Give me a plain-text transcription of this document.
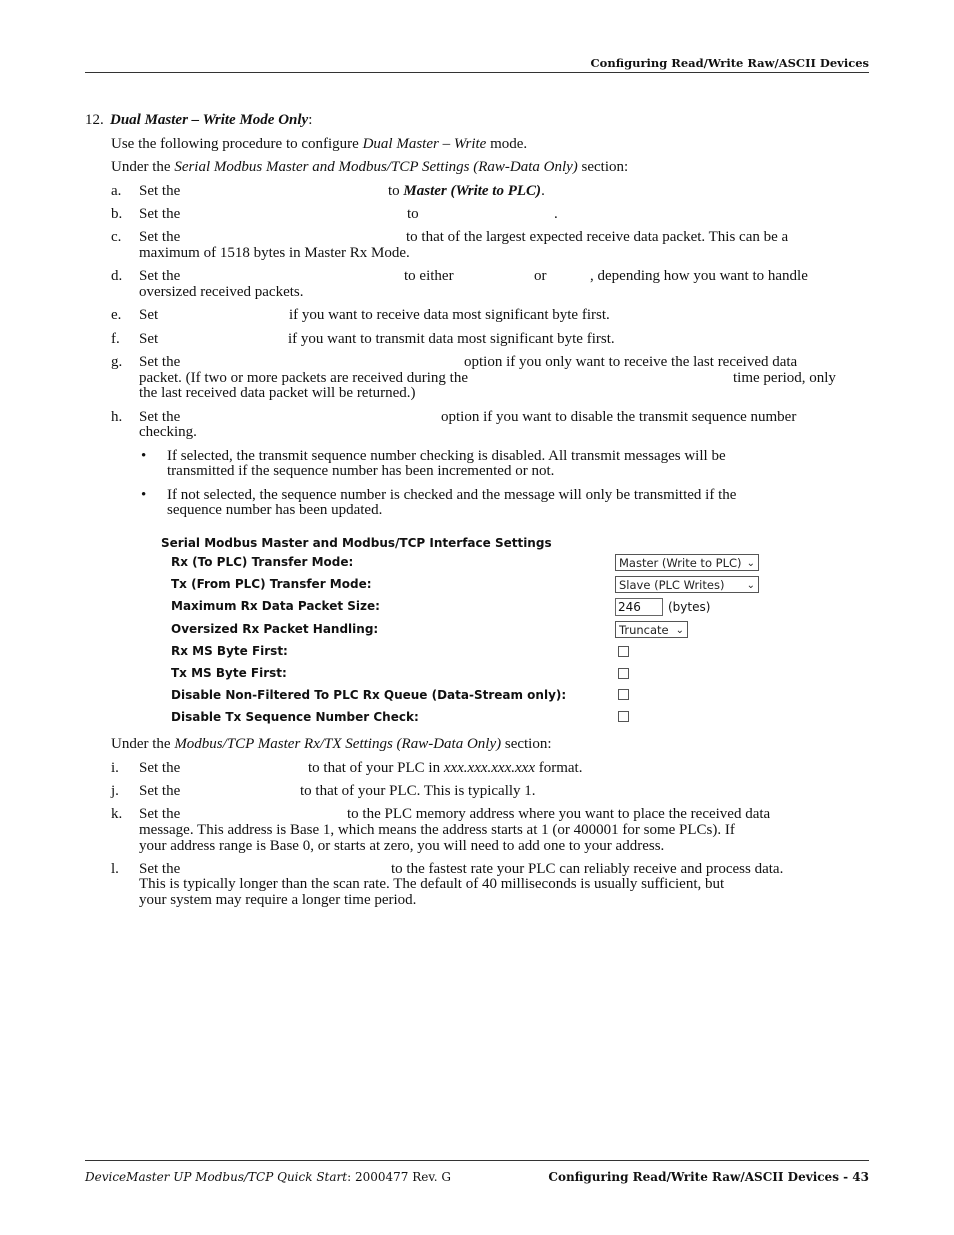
Configuring Read/Write Raw/ASCII Devices
12. Dual Master – Write Mode Only:
Use the following procedure to configure Dual Master – Write mode.
Under the Serial Modbus Master and Modbus/TCP Settings (Raw-Data Only) section:
a. Set the	to Master (Write to PLC).
b. Set the	to	.
c. Set the	to that of the largest expected receive data packet. This can be a
maximum of 1518 bytes in Master Rx Mode.
d. Set the	to either	or	, depending how you want to handle
oversized received packets.
e. Set	if you want to receive data most significant byte first.
f. Set	if you want to transmit data most significant byte first.
g. Set the	option if you only want to receive the last received data
packet. (If two or more packets are received during the	time period, only
the last received data packet will be returned.)
h. Set the	option if you want to disable the transmit sequence number
checking.
• If selected, the transmit sequence number checking is disabled. All transmit messages will be
transmitted if the sequence number has been incremented or not.
• If not selected, the sequence number is checked and the message will only be transmitted if the
sequence number has been updated.
Serial Modbus Master and Modbus/TCP Interface Settings
Rx (To PLC) Transfer Mode:	Master (Write to PLC) ⌄
Tx (From PLC) Transfer Mode:	Slave (PLC Writes) ⌄
Maximum Rx Data Packet Size:	246	(bytes)
Oversized Rx Packet Handling:	Truncate ⌄
Rx MS Byte First:
Tx MS Byte First:
Disable Non-Filtered To PLC Rx Queue (Data-Stream only):
Disable Tx Sequence Number Check:
Under the Modbus/TCP Master Rx/TX Settings (Raw-Data Only) section:
i. Set the	to that of your PLC in xxx.xxx.xxx.xxx format.
j. Set the	to that of your PLC. This is typically 1.
k. Set the	to the PLC memory address where you want to place the received data
message. This address is Base 1, which means the address starts at 1 (or 400001 for some PLCs). If
your address range is Base 0, or starts at zero, you will need to add one to your address.
l. Set the	to the fastest rate your PLC can reliably receive and process data.
This is typically longer than the scan rate. The default of 40 milliseconds is usually sufficient, but
your system may require a longer time period.
DeviceMaster UP Modbus/TCP Quick Start: 2000477 Rev. G	Configuring Read/Write Raw/ASCII Devices - 43
